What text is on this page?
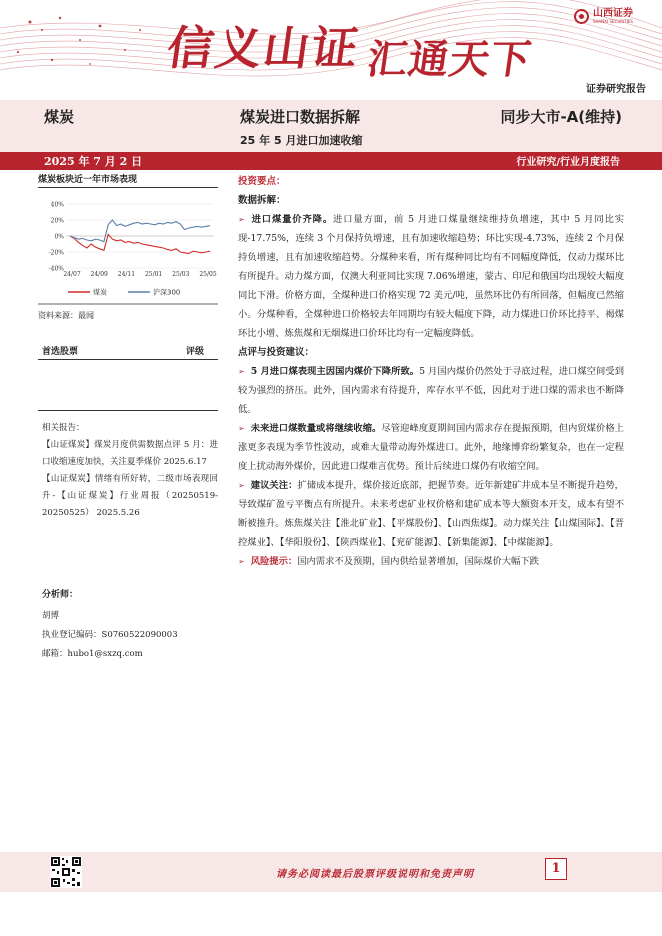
信义山证 汇通天下
山西证券
SHANXI SECURITIES
证券研究报告
煤炭	煤炭进口数据拆解	同步大市-A(维持)
25 年 5 月进口加速收缩
2025 年 7 月 2 日	行业研究/行业月度报告
煤炭板块近一年市场表现
40%
20%
0%
-20%
-40%
24/07 24/09 24/11 25/01 25/03 25/05
煤炭	沪深300
资料来源：最闻
首选股票	评级
相关报告：
【山证煤炭】煤炭月度供需数据点评 5 月：进口收缩速度加快，关注夏季煤价 2025.6.17
【山证煤炭】情绪有所好转，二级市场表现回升-【山证煤炭】行业周报（20250519-20250525） 2025.5.26
分析师：
胡博
执业登记编码：S0760522090003
邮箱：hubo1@sxzq.com
投资要点：
数据拆解：
➢ 进口煤量价齐降。进口量方面，前 5 月进口煤量继续维持负增速，其中 5 月同比实现-17.75%，连续 3 个月保持负增速，且有加速收缩趋势；环比实现-4.73%，连续 2 个月保持负增速，且有加速收缩趋势。分煤种来看，所有煤种同比均有不同幅度降低，仅动力煤环比有所提升。动力煤方面，仅澳大利亚同比实现 7.06%增速，蒙古、印尼和俄国均出现较大幅度同比下滑。价格方面，全煤种进口价格实现 72 美元/吨，虽然环比仍有所回落，但幅度已然缩小。分煤种看，全煤种进口价格较去年同期均有较大幅度下降，动力煤进口价环比持平、褐煤环比小增、炼焦煤和无烟煤进口价环比均有一定幅度降低。
点评与投资建议：
➢ 5 月进口煤表现主因国内煤价下降所致。5 月国内煤价仍然处于寻底过程，进口煤空间受到较为强烈的挤压。此外，国内需求有待提升，库存水平不低，因此对于进口煤的需求也不断降低。
➢ 未来进口煤数量或将继续收缩。尽管迎峰度夏期间国内需求存在提振预期，但内贸煤价格上涨更多表现为季节性波动，或难大量带动海外煤进口。此外，地缘博弈纷繁复杂，也在一定程度上扰动海外煤价，因此进口煤难言优势。预计后续进口煤仍有收缩空间。
➢ 建议关注：扩储成本提升，煤价接近底部，把握节奏。近年新建矿井成本呈不断提升趋势，导致煤矿盈亏平衡点有所提升。未来考虑矿业权价格和建矿成本等大额资本开支，成本有望不断被推升。炼焦煤关注【淮北矿业】、【平煤股份】、【山西焦煤】。动力煤关注【山煤国际】、【晋控煤业】、【华阳股份】、【陕西煤业】、【兖矿能源】、【新集能源】、【中煤能源】。
➢ 风险提示：国内需求不及预期，国内供给显著增加，国际煤价大幅下跌
请务必阅读最后股票评级说明和免责声明	1
